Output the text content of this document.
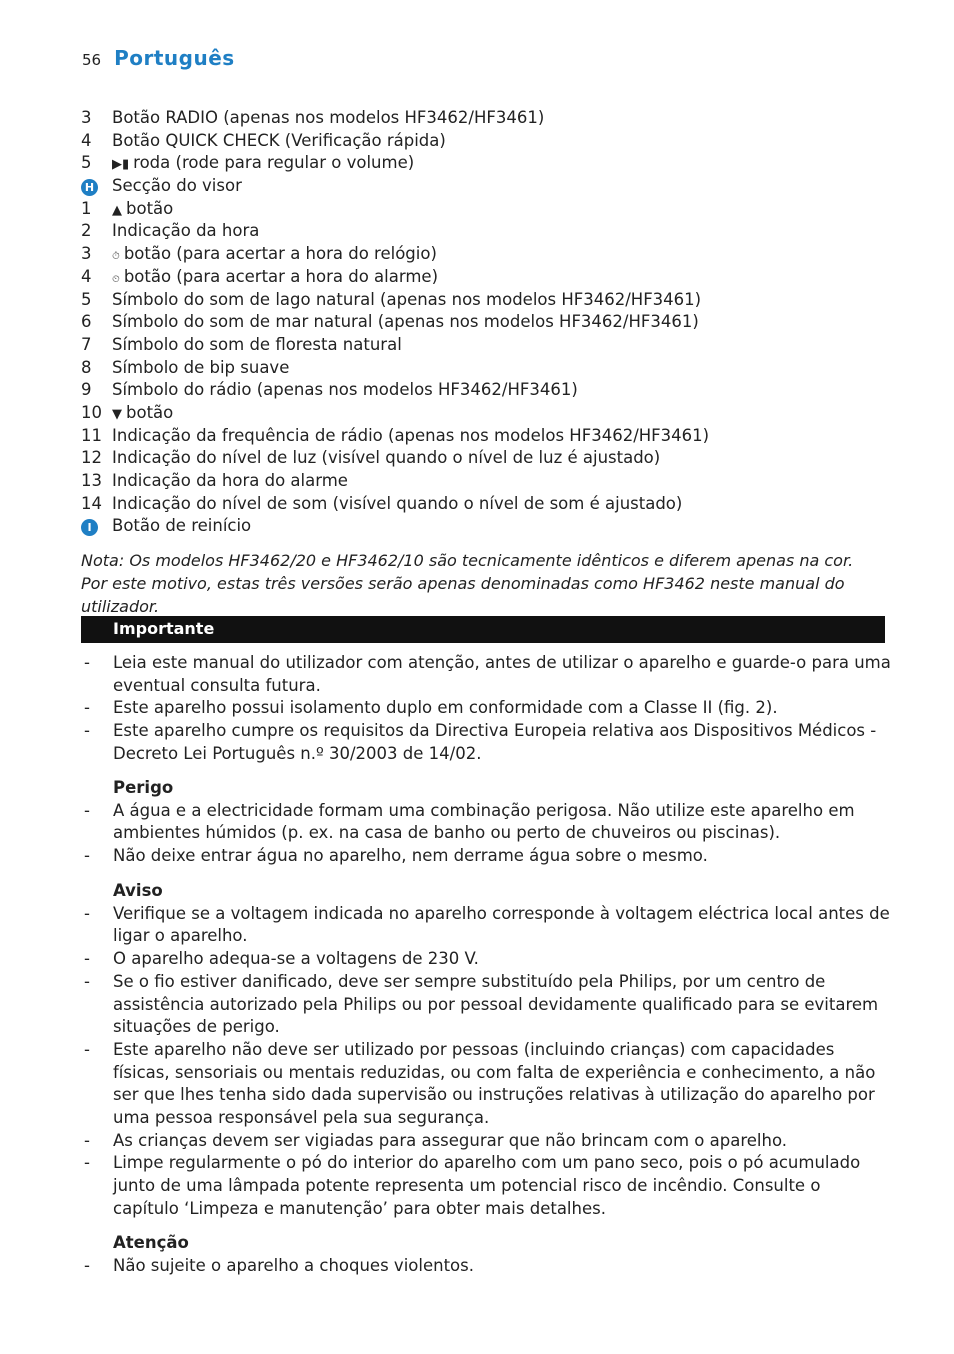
56 Português
3	Botão RADIO (apenas nos modelos HF3462/HF3461)
4	Botão QUICK CHECK (Verificação rápida)
5	▶▮ roda (rode para regular o volume)
H	Secção do visor
1	▲ botão
2	Indicação da hora
3	⏱ botão (para acertar a hora do relógio)
4	⏲ botão (para acertar a hora do alarme)
5	Símbolo do som de lago natural (apenas nos modelos HF3462/HF3461)
6	Símbolo do som de mar natural (apenas nos modelos HF3462/HF3461)
7	Símbolo do som de floresta natural
8	Símbolo de bip suave
9	Símbolo do rádio (apenas nos modelos HF3462/HF3461)
10 ▼ botão
11 Indicação da frequência de rádio (apenas nos modelos HF3462/HF3461)
12 Indicação do nível de luz (visível quando o nível de luz é ajustado)
13 Indicação da hora do alarme
14 Indicação do nível de som (visível quando o nível de som é ajustado)
I	Botão de reinício
Nota: Os modelos HF3462/20 e HF3462/10 são tecnicamente idênticos e diferem apenas na cor. Por este motivo, estas três versões serão apenas denominadas como HF3462 neste manual do utilizador.
Importante
-	Leia este manual do utilizador com atenção, antes de utilizar o aparelho e guarde-o para uma eventual consulta futura.
-	Este aparelho possui isolamento duplo em conformidade com a Classe II (fig. 2).
-	Este aparelho cumpre os requisitos da Directiva Europeia relativa aos Dispositivos Médicos - Decreto Lei Português n.º 30/2003 de 14/02.
Perigo
-	A água e a electricidade formam uma combinação perigosa. Não utilize este aparelho em ambientes húmidos (p. ex. na casa de banho ou perto de chuveiros ou piscinas).
-	Não deixe entrar água no aparelho, nem derrame água sobre o mesmo.
Aviso
-	Verifique se a voltagem indicada no aparelho corresponde à voltagem eléctrica local antes de ligar o aparelho.
-	O aparelho adequa-se a voltagens de 230 V.
-	Se o fio estiver danificado, deve ser sempre substituído pela Philips, por um centro de assistência autorizado pela Philips ou por pessoal devidamente qualificado para se evitarem situações de perigo.
-	Este aparelho não deve ser utilizado por pessoas (incluindo crianças) com capacidades físicas, sensoriais ou mentais reduzidas, ou com falta de experiência e conhecimento, a não ser que lhes tenha sido dada supervisão ou instruções relativas à utilização do aparelho por uma pessoa responsável pela sua segurança.
-	As crianças devem ser vigiadas para assegurar que não brincam com o aparelho.
-	Limpe regularmente o pó do interior do aparelho com um pano seco, pois o pó acumulado junto de uma lâmpada potente representa um potencial risco de incêndio. Consulte o capítulo ‘Limpeza e manutenção’ para obter mais detalhes.
Atenção
-	Não sujeite o aparelho a choques violentos.
